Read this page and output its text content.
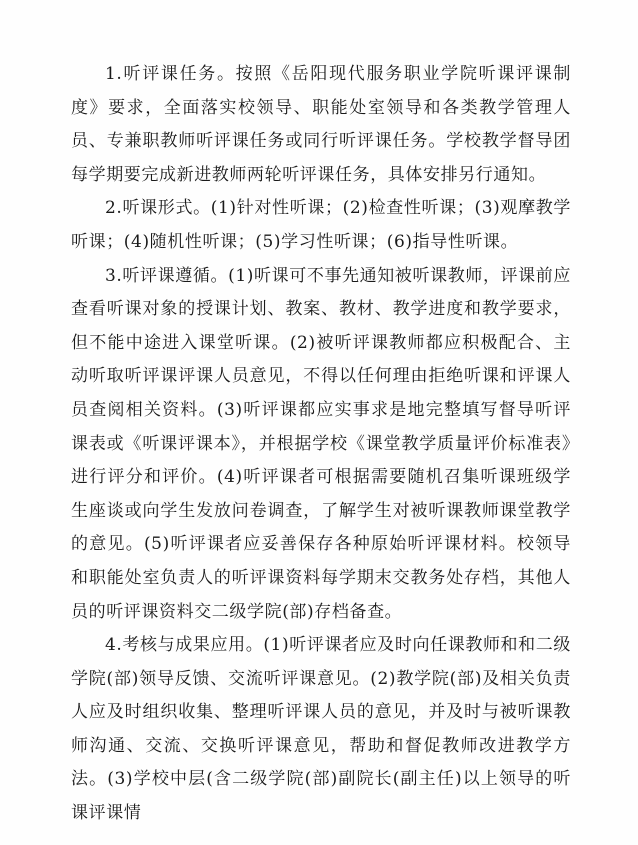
1.听评课任务。按照《岳阳现代服务职业学院听课评课制度》要求，全面落实校领导、职能处室领导和各类教学管理人员、专兼职教师听评课任务或同行听评课任务。学校教学督导团每学期要完成新进教师两轮听评课任务，具体安排另行通知。

2.听课形式。(1)针对性听课；(2)检查性听课；(3)观摩教学听课；(4)随机性听课；(5)学习性听课；(6)指导性听课。

3.听评课遵循。(1)听课可不事先通知被听课教师，评课前应查看听课对象的授课计划、教案、教材、教学进度和教学要求，但不能中途进入课堂听课。(2)被听评课教师都应积极配合、主动听取听评课评课人员意见，不得以任何理由拒绝听课和评课人员查阅相关资料。(3)听评课都应实事求是地完整填写督导听评课表或《听课评课本》，并根据学校《课堂教学质量评价标准表》进行评分和评价。(4)听评课者可根据需要随机召集听课班级学生座谈或向学生发放问卷调查，了解学生对被听课教师课堂教学的意见。(5)听评课者应妥善保存各种原始听评课材料。校领导和职能处室负责人的听评课资料每学期末交教务处存档，其他人员的听评课资料交二级学院(部)存档备查。

4.考核与成果应用。(1)听评课者应及时向任课教师和和二级学院(部)领导反馈、交流听评课意见。(2)教学院(部)及相关负责人应及时组织收集、整理听评课人员的意见，并及时与被听课教师沟通、交流、交换听评课意见，帮助和督促教师改进教学方法。(3)学校中层(含二级学院(部)副院长(副主任)以上领导的听课评课情
